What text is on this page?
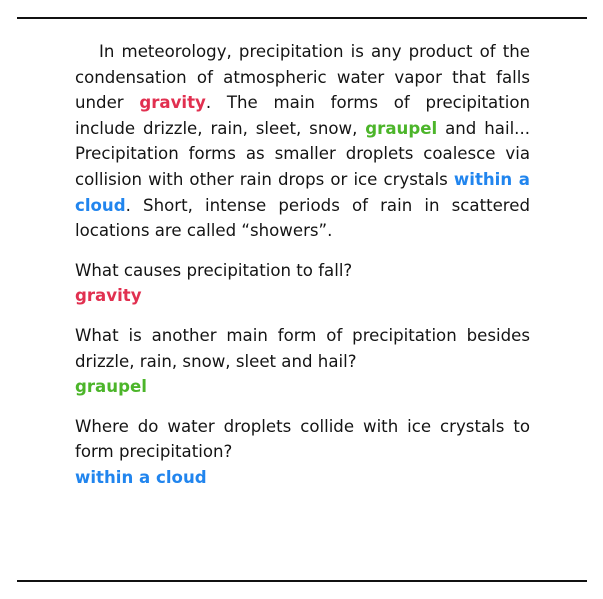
In meteorology, precipitation is any product of the condensation of atmospheric water vapor that falls under gravity. The main forms of precipitation include drizzle, rain, sleet, snow, graupel and hail... Precipitation forms as smaller droplets coalesce via collision with other rain drops or ice crystals within a cloud. Short, intense periods of rain in scattered locations are called “showers”.

What causes precipitation to fall?

gravity

What is another main form of precipitation besides drizzle, rain, snow, sleet and hail?

graupel

Where do water droplets collide with ice crystals to form precipitation?

within a cloud
